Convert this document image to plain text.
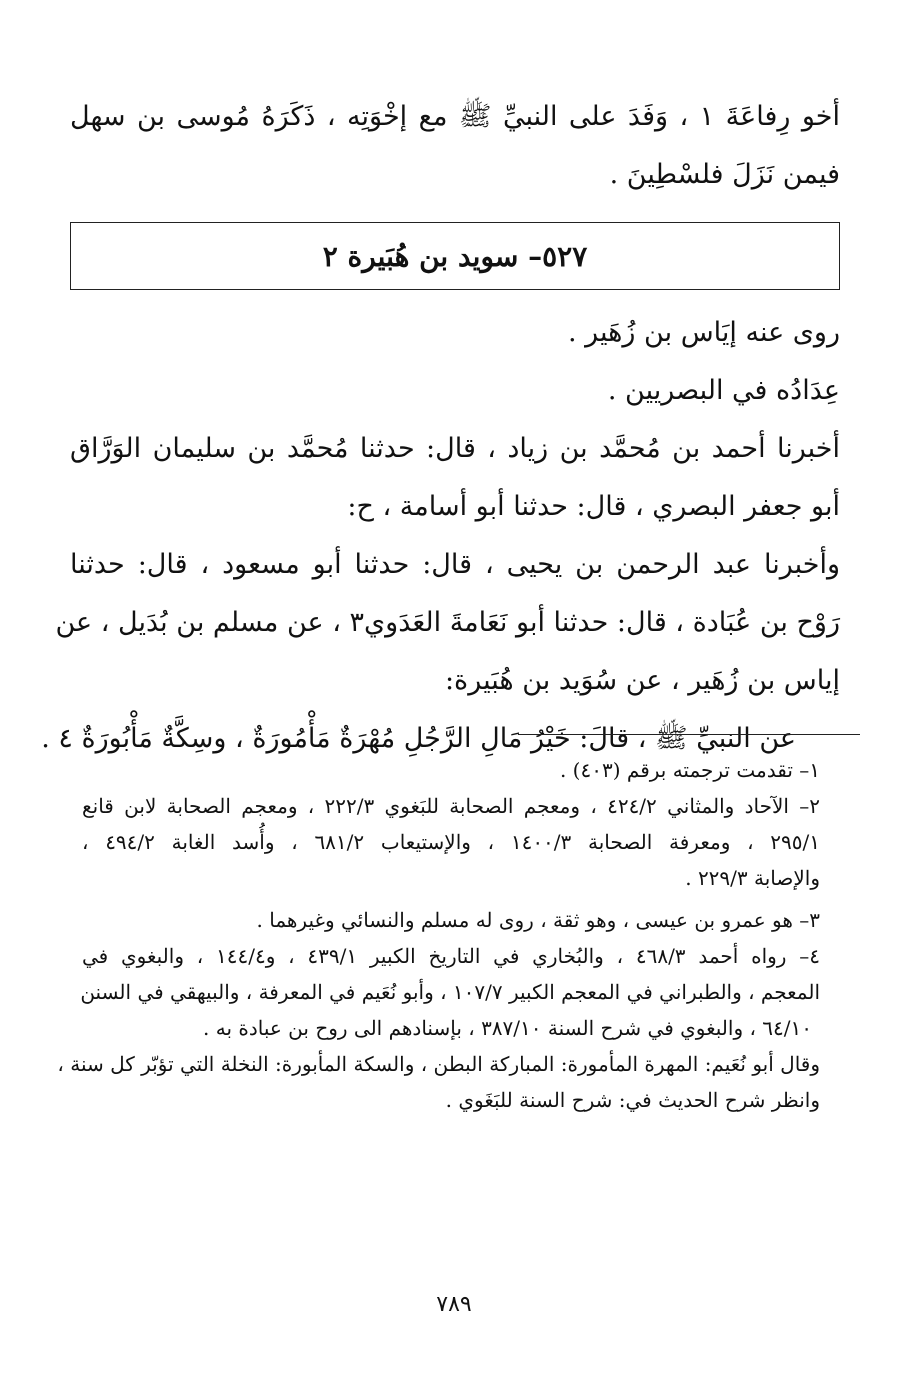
أخو رِفاعَةَ ١ ، وَفَدَ على النبيِّ ﷺ مع إخْوَتِه ، ذَكَرَهُ مُوسى بن سهل
فيمن نَزَلَ فلسْطِينَ .
٥٢٧– سويد بن هُبَيرة ٢
روى عنه إيَاس بن زُهَير .
عِدَادُه في البصريين .
أخبرنا أحمد بن مُحمَّد بن زياد ، قال: حدثنا مُحمَّد بن سليمان الوَرَّاق
أبو جعفر البصري ، قال: حدثنا أبو أسامة ، ح:
وأخبرنا عبد الرحمن بن يحيى ، قال: حدثنا أبو مسعود ، قال: حدثنا
رَوْح بن عُبَادة ، قال: حدثنا أبو نَعَامةَ العَدَوي٣ ، عن مسلم بن بُدَيل ، عن
إياس بن زُهَير ، عن سُوَيد بن هُبَيرة:
عن النبيِّ ﷺ ، قالَ: خَيْرُ مَالِ الرَّجُلِ مُهْرَةٌ مَأْمُورَةٌ ، وسِكَّةٌ مَأْبُورَةٌ ٤ .
١– تقدمت ترجمته برقم (٤٠٣) .
٢– الآحاد والمثاني ٤٢٤/٢ ، ومعجم الصحابة للبَغوي ٢٢٢/٣ ، ومعجم الصحابة لابن قانع
٢٩٥/١ ، ومعرفة الصحابة ١٤٠٠/٣ ، والإستيعاب ٦٨١/٢ ، وأُسد الغابة ٤٩٤/٢ ،
والإصابة ٢٢٩/٣ .
٣– هو عمرو بن عيسى ، وهو ثقة ، روى له مسلم والنسائي وغيرهما .
٤– رواه أحمد ٤٦٨/٣ ، والبُخاري في التاريخ الكبير ٤٣٩/١ ، و١٤٤/٤ ، والبغوي في
المعجم ، والطبراني في المعجم الكبير ١٠٧/٧ ، وأبو نُعَيم في المعرفة ، والبيهقي في السنن
٦٤/١٠ ، والبغوي في شرح السنة ٣٨٧/١٠ ، بإسنادهم الى روح بن عبادة به .
وقال أبو نُعَيم: المهرة المأمورة: المباركة البطن ، والسكة المأبورة: النخلة التي تؤبّر كل سنة ،
وانظر شرح الحديث في: شرح السنة للبَغَوي .
٧٨٩
